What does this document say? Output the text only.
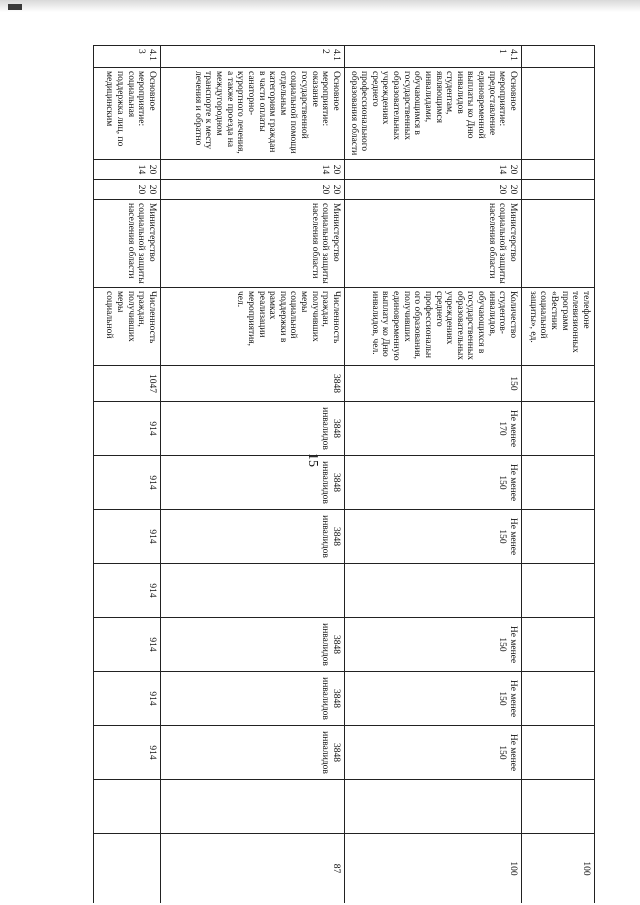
15
					телефоне телевизионных программ «Вестник социальной защиты», ед.										100
4.11	Основное мероприятие: предоставление единовременной выплаты ко Дню инвалидов студентам, являющимся инвалидами, обучающимся в государственных образовательных учреждениях среднего профессионального образования области	2014	2020	Министерство социальной защиты населения области	Количество студентов-инвалидов, обучающихся в государственных образовательных учреждениях среднего профессионального образования, получивших единовременную выплату ко Дню инвалидов, чел.	150	Не менее 170	Не менее 150	Не менее 150		Не менее 150	Не менее 150	Не менее 150		100
4.12	Основное мероприятие: оказание государственной социальной помощи отдельным категориям граждан в части оплаты санаторно-курортного лечения, а также проезда на междугородном транспорте к месту лечения и обратно	2014	2020	Министерство социальной защиты населения области	Численность граждан, получивших меры социальной поддержки в рамках реализации мероприятия, чел.	3848	3848 инвалидов	3848 инвалидов	3848 инвалидов		3848 инвалидов	3848 инвалидов	3848 инвалидов		87
4.13	Основное мероприятие: социальная поддержка лиц, по медицинским	2014	2020	Министерство социальной защиты населения области	Численность граждан, получивших меры социальной	1047	914	914	914	914	914	914	914		
